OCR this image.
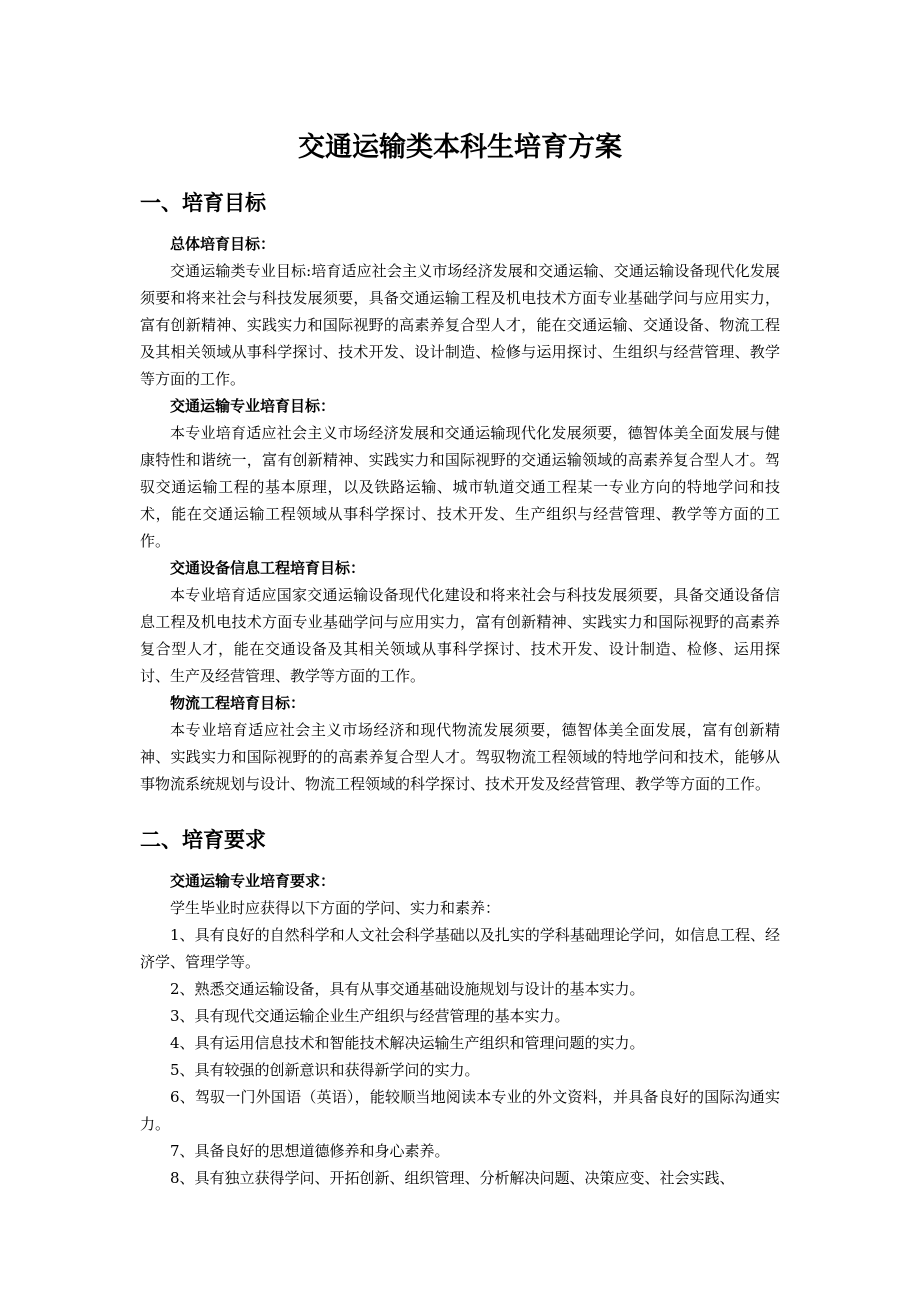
交通运输类本科生培育方案
一、培育目标

总体培育目标：

交通运输类专业目标:培育适应社会主义市场经济发展和交通运输、交通运输设备现代化发展须要和将来社会与科技发展须要，具备交通运输工程及机电技术方面专业基础学问与应用实力，富有创新精神、实践实力和国际视野的高素养复合型人才，能在交通运输、交通设备、物流工程及其相关领域从事科学探讨、技术开发、设计制造、检修与运用探讨、生组织与经营管理、教学等方面的工作。

交通运输专业培育目标：

本专业培育适应社会主义市场经济发展和交通运输现代化发展须要，德智体美全面发展与健康特性和谐统一，富有创新精神、实践实力和国际视野的交通运输领域的高素养复合型人才。驾驭交通运输工程的基本原理，以及铁路运输、城市轨道交通工程某一专业方向的特地学问和技术，能在交通运输工程领域从事科学探讨、技术开发、生产组织与经营管理、教学等方面的工作。

交通设备信息工程培育目标：

本专业培育适应国家交通运输设备现代化建设和将来社会与科技发展须要，具备交通设备信息工程及机电技术方面专业基础学问与应用实力，富有创新精神、实践实力和国际视野的高素养复合型人才，能在交通设备及其相关领域从事科学探讨、技术开发、设计制造、检修、运用探讨、生产及经营管理、教学等方面的工作。

物流工程培育目标：

本专业培育适应社会主义市场经济和现代物流发展须要，德智体美全面发展，富有创新精神、实践实力和国际视野的的高素养复合型人才。驾驭物流工程领域的特地学问和技术，能够从事物流系统规划与设计、物流工程领域的科学探讨、技术开发及经营管理、教学等方面的工作。

二、培育要求

交通运输专业培育要求：

学生毕业时应获得以下方面的学问、实力和素养：

1、具有良好的自然科学和人文社会科学基础以及扎实的学科基础理论学问，如信息工程、经济学、管理学等。

2、熟悉交通运输设备，具有从事交通基础设施规划与设计的基本实力。

3、具有现代交通运输企业生产组织与经营管理的基本实力。

4、具有运用信息技术和智能技术解决运输生产组织和管理问题的实力。

5、具有较强的创新意识和获得新学问的实力。

6、驾驭一门外国语（英语），能较顺当地阅读本专业的外文资料，并具备良好的国际沟通实力。

7、具备良好的思想道德修养和身心素养。

8、具有独立获得学问、开拓创新、组织管理、分析解决问题、决策应变、社会实践、
